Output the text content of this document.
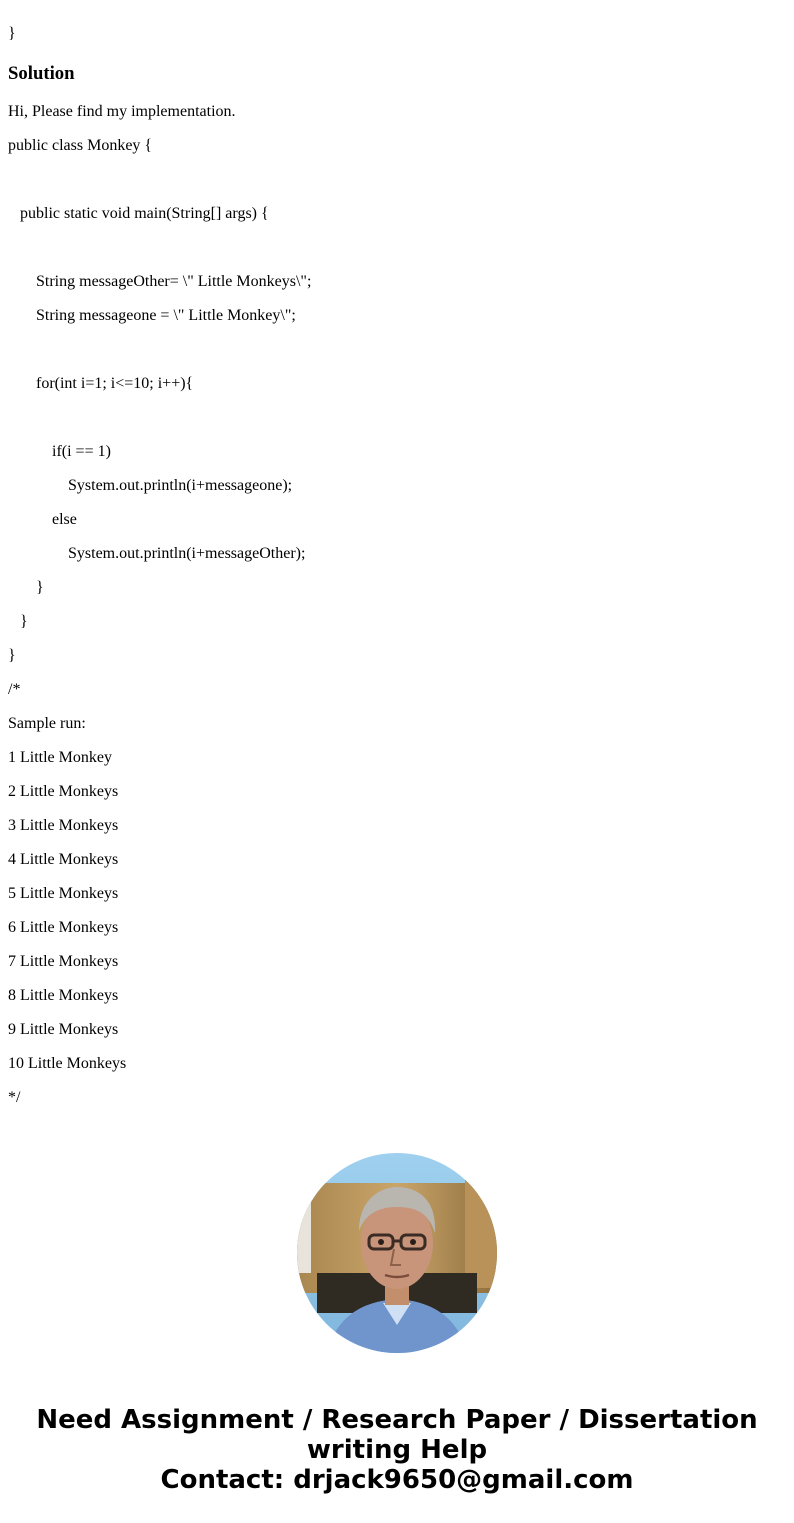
}
Solution
Hi, Please find my implementation.
public class Monkey {
public static void main(String[] args) {
String messageOther= \" Little Monkeys\";
String messageone = \" Little Monkey\";
for(int i=1; i<=10; i++){
if(i == 1)
System.out.println(i+messageone);
else
System.out.println(i+messageOther);
}
}
}
/*
Sample run:
1 Little Monkey
2 Little Monkeys
3 Little Monkeys
4 Little Monkeys
5 Little Monkeys
6 Little Monkeys
7 Little Monkeys
8 Little Monkeys
9 Little Monkeys
10 Little Monkeys
*/
Need Assignment / Research Paper / Dissertation
writing Help
Contact: drjack9650@gmail.com
